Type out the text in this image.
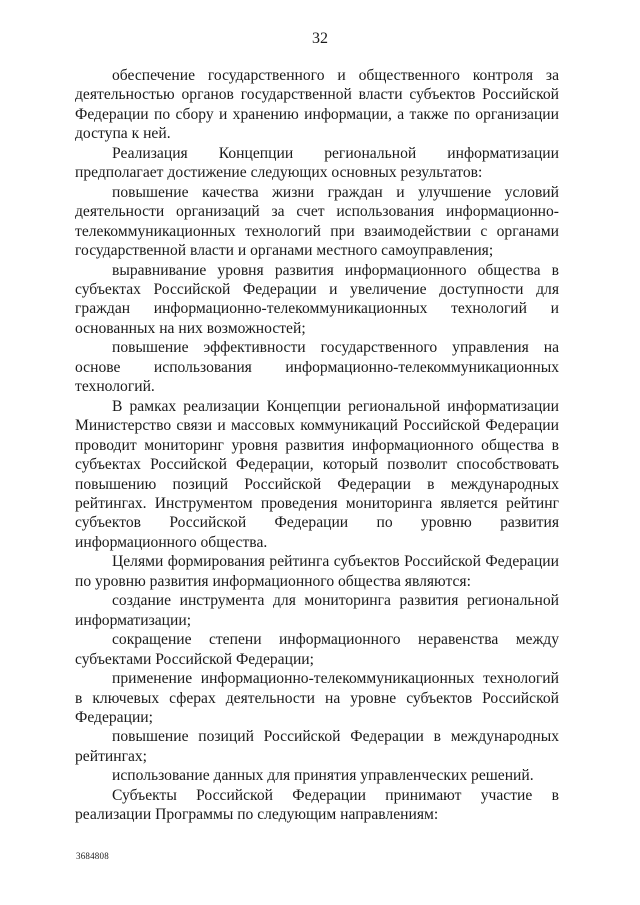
32

обеспечение государственного и общественного контроля за деятельностью органов государственной власти субъектов Российской Федерации по сбору и хранению информации, а также по организации доступа к ней.

Реализация Концепции региональной информатизации предполагает достижение следующих основных результатов:

повышение качества жизни граждан и улучшение условий деятельности организаций за счет использования информационно-телекоммуникационных технологий при взаимодействии с органами государственной власти и органами местного самоуправления;

выравнивание уровня развития информационного общества в субъектах Российской Федерации и увеличение доступности для граждан информационно-телекоммуникационных технологий и основанных на них возможностей;

повышение эффективности государственного управления на основе использования информационно-телекоммуникационных технологий.

В рамках реализации Концепции региональной информатизации Министерство связи и массовых коммуникаций Российской Федерации проводит мониторинг уровня развития информационного общества в субъектах Российской Федерации, который позволит способствовать повышению позиций Российской Федерации в международных рейтингах. Инструментом проведения мониторинга является рейтинг субъектов Российской Федерации по уровню развития информационного общества.

Целями формирования рейтинга субъектов Российской Федерации по уровню развития информационного общества являются:

создание инструмента для мониторинга развития региональной информатизации;

сокращение степени информационного неравенства между субъектами Российской Федерации;

применение информационно-телекоммуникационных технологий в ключевых сферах деятельности на уровне субъектов Российской Федерации;

повышение позиций Российской Федерации в международных рейтингах;

использование данных для принятия управленческих решений.

Субъекты Российской Федерации принимают участие в реализации Программы по следующим направлениям:

3684808
